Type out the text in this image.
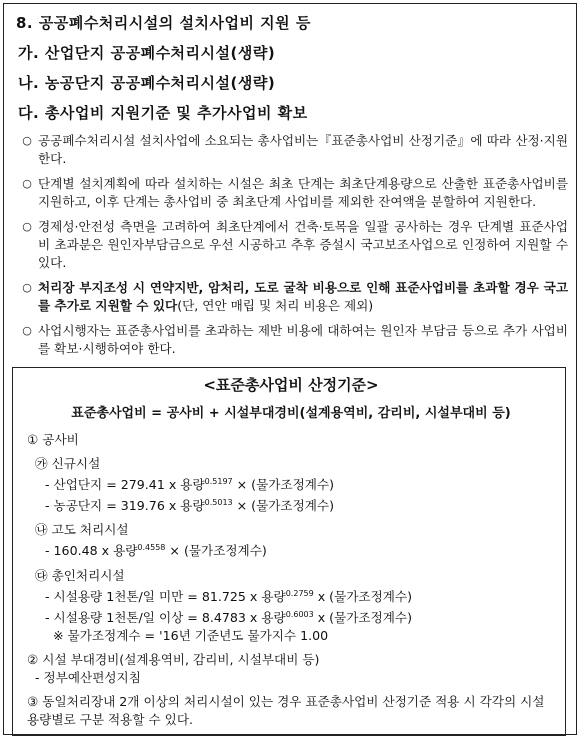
8. 공공폐수처리시설의 설치사업비 지원 등
가. 산업단지 공공폐수처리시설(생략)
나. 농공단지 공공폐수처리시설(생략)
다. 총사업비 지원기준 및 추가사업비 확보
○ 공공폐수처리시설 설치사업에 소요되는 총사업비는『표준총사업비 산정기준』에 따라 산정·지원한다.
○ 단계별 설치계획에 따라 설치하는 시설은 최초 단계는 최초단계용량으로 산출한 표준총사업비를 지원하고, 이후 단계는 총사업비 중 최초단계 사업비를 제외한 잔여액을 분할하여 지원한다.
○ 경제성·안전성 측면을 고려하여 최초단계에서 건축·토목을 일괄 공사하는 경우 단계별 표준사업비 초과분은 원인자부담금으로 우선 시공하고 추후 증설시 국고보조사업으로 인정하여 지원할 수 있다.
○ 처리장 부지조성 시 연약지반, 암처리, 도로 굴착 비용으로 인해 표준사업비를 초과할 경우 국고를 추가로 지원할 수 있다(단, 연안 매립 및 처리 비용은 제외)
○ 사업시행자는 표준총사업비를 초과하는 제반 비용에 대하여는 원인자 부담금 등으로 추가 사업비를 확보·시행하여야 한다.
<표준총사업비 산정기준>
표준총사업비 = 공사비 + 시설부대경비(설계용역비, 감리비, 시설부대비 등)
① 공사비
㉮ 신규시설
- 산업단지 = 279.41 x 용량$^{0.5197}$ × (물가조정계수)
- 농공단지 = 319.76 x 용량$^{0.5013}$ × (물가조정계수)
㉯ 고도 처리시설
- 160.48 x 용량$^{0.4558}$ × (물가조정계수)
㉰ 총인처리시설
- 시설용량 1천톤/일 미만 = 81.725 x 용량$^{0.2759}$ x (물가조정계수)
- 시설용량 1천톤/일 이상 = 8.4783 x 용량$^{0.6003}$ x (물가조정계수)
※ 물가조정계수 = '16년 기준년도 물가지수 1.00
② 시설 부대경비(설계용역비, 감리비, 시설부대비 등)
- 정부예산편성지침
③ 동일처리장내 2개 이상의 처리시설이 있는 경우 표준총사업비 산정기준 적용 시 각각의 시설용량별로 구분 적용할 수 있다.
